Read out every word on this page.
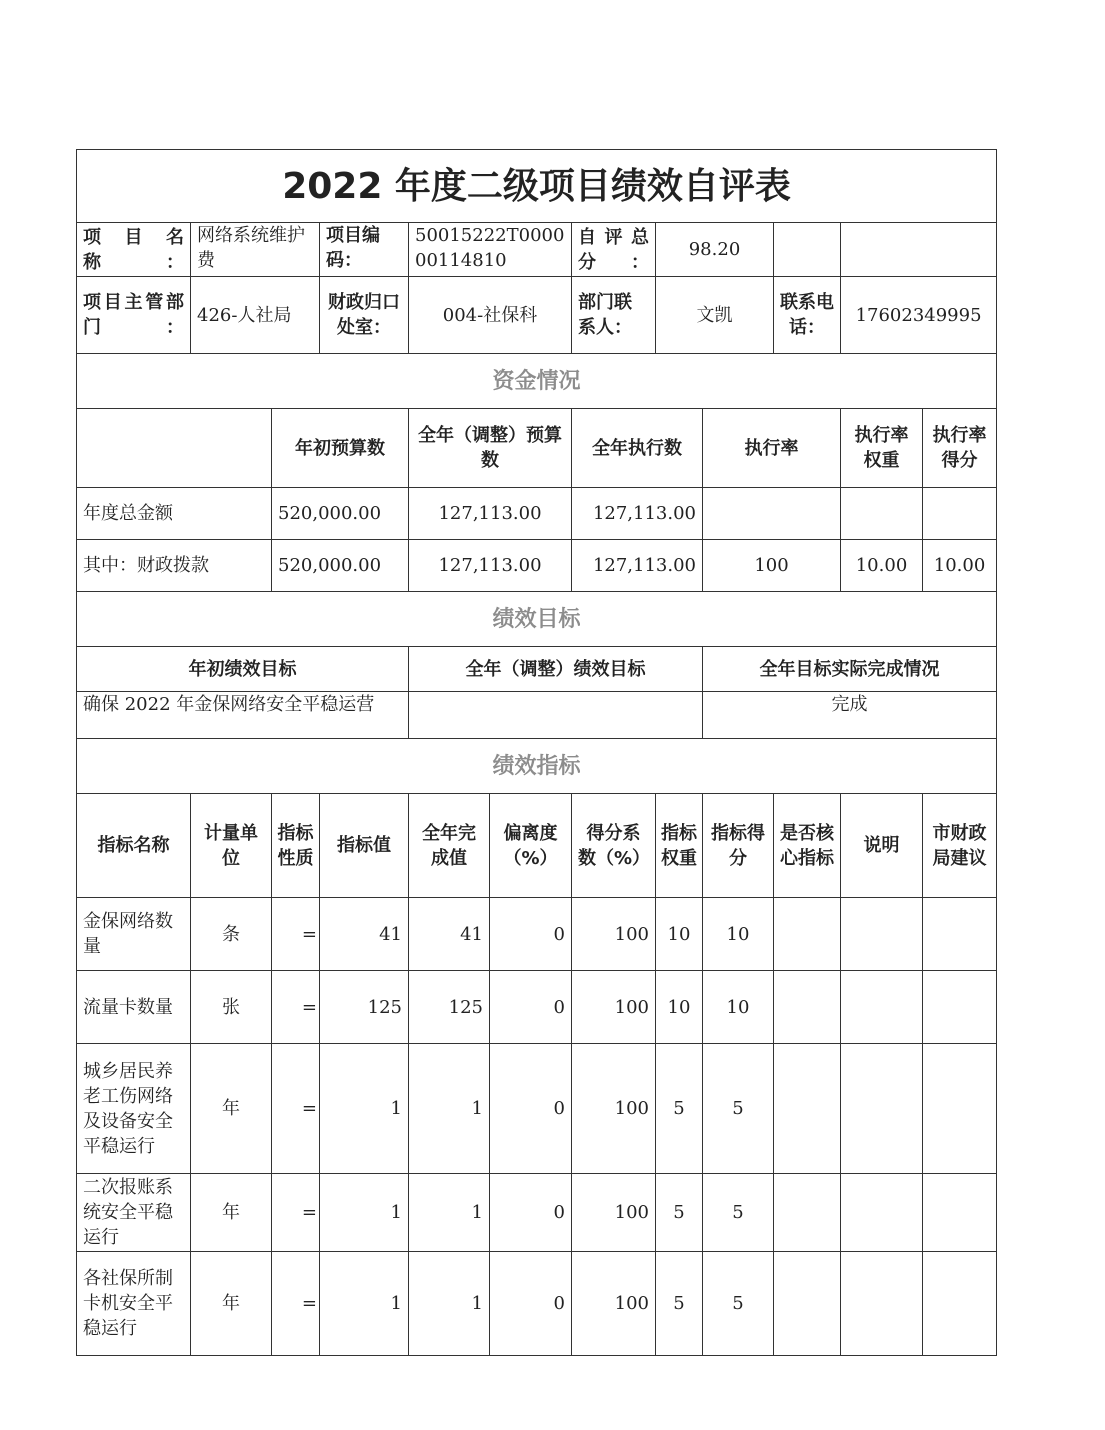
2022 年度二级项目绩效自评表											
项 目 名 称：	网络系统维护费		项目编码：	50015222T000000114810		自评总分：	98.20				
项目主管部门：	426-人社局		财政归口处室：	004-社保科		部门联系人：	文凯		联系电话：	17602349995	
资金情况											
		年初预算数		全年（调整）预算数		全年执行数		执行率		执行率权重	执行率得分
年度总金额		520,000.00		127,113.00		127,113.00					
其中：财政拨款		520,000.00		127,113.00		127,113.00		100		10.00	10.00
绩效目标											
年初绩效目标				全年（调整）绩效目标				全年目标实际完成情况			
确保 2022 年金保网络安全平稳运营								完成			
绩效指标											
指标名称	计量单位	指标性质	指标值	全年完成值	偏离度（%）	得分系数（%）	指标权重	指标得分	是否核心指标	说明	市财政局建议
金保网络数量	条	=	41	41	0	100	10	10			
流量卡数量	张	=	125	125	0	100	10	10			
城乡居民养老工伤网络及设备安全平稳运行	年	=	1	1	0	100	5	5			
二次报账系统安全平稳运行	年	=	1	1	0	100	5	5			
各社保所制卡机安全平稳运行	年	=	1	1	0	100	5	5			
